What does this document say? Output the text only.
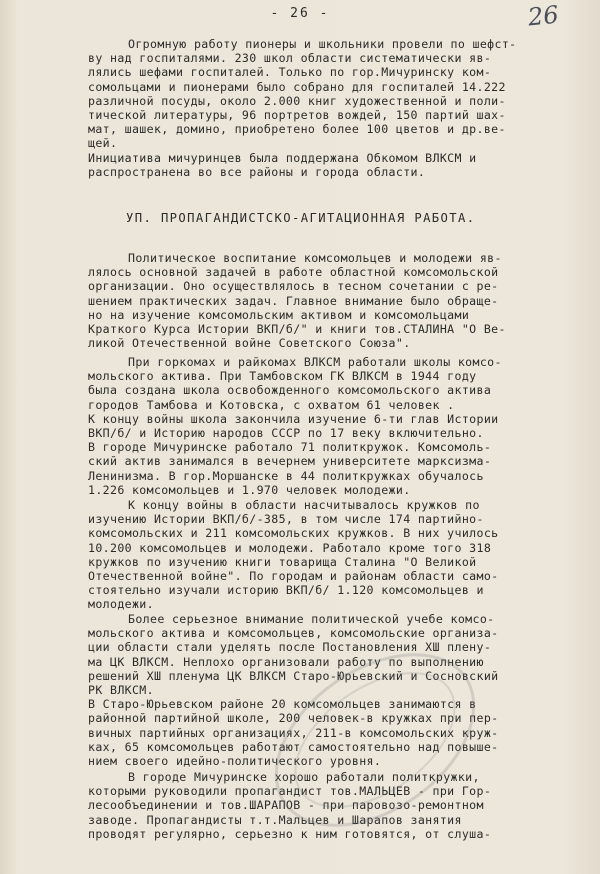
- 26 -	26
Огромную работу пионеры и школьники провели по шефст-
ву над госпиталями. 230 школ области систематически яв-
лялись шефами госпиталей. Только по гор.Мичуринску ком-
сомольцами и пионерами было собрано для госпиталей 14.222
различной посуды, около 2.000 книг художественной и поли-
тической литературы, 96 портретов вождей, 150 партий шах-
мат, шашек, домино, приобретено более 100 цветов и др.ве-
щей.
Инициатива мичуринцев была поддержана Обкомом ВЛКСМ и
распространена во все районы и города области.
Политическое воспитание комсомольцев и молодежи яв-
лялось основной задачей в работе областной комсомольской
организации. Оно осуществлялось в тесном сочетании с ре-
шением практических задач. Главное внимание было обраще-
но на изучение комсомольским активом и комсомольцами
Краткого Курса Истории ВКП/б/" и книги тов.СТАЛИНА "О Ве-
ликой Отечественной войне Советского Союза".
При горкомах и райкомах ВЛКСМ работали школы комсо-
мольского актива. При Тамбовском ГК ВЛКСМ в 1944 году
была создана школа освобожденного комсомольского актива
городов Тамбова и Котовска, с охватом 61 человек .
К концу войны школа закончила изучение 6-ти глав Истории
ВКП/б/ и Историю народов СССР по 17 веку включительно.
В городе Мичуринске работало 71 политкружок. Комсомоль-
ский актив занимался в вечернем университете марксизма-
Ленинизма. В гор.Моршанске в 44 политкружках обучалось
1.226 комсомольцев и 1.970 человек молодежи.
К концу войны в области насчитывалось кружков по
изучению Истории ВКП/б/-385, в том числе 174 партийно-
комсомольских и 211 комсомольских кружков. В них училось
10.200 комсомольцев и молодежи. Работало кроме того 318
кружков по изучению книги товарища Сталина "О Великой
Отечественной войне". По городам и районам области само-
стоятельно изучали историю ВКП/б/ 1.120 комсомольцев и
молодежи.
Более серьезное внимание политической учебе комсо-
мольского актива и комсомольцев, комсомольские организа-
ции области стали уделять после Постановления XШ плену-
ма ЦК ВЛКСМ. Неплохо организовали работу по выполнению
решений XШ пленума ЦК ВЛКСМ Старо-Юрьевский и Сосновский
РК ВЛКСМ.
В Старо-Юрьевском районе 20 комсомольцев занимаются в
районной партийной школе, 200 человек-в кружках при пер-
вичных партийных организациях, 211-в комсомольских круж-
ках, 65 комсомольцев работают самостоятельно над повыше-
нием своего идейно-политического уровня.
В городе Мичуринске хорошо работали политкружки,
которыми руководили пропагандист тов.МАЛЬЦЕВ - при Гор-
лесообъединении и тов.ШАРАПОВ - при паровозо-ремонтном
заводе. Пропагандисты т.т.Мальцев и Шарапов занятия
проводят регулярно, серьезно к ним готовятся, от слуша-
УП. ПРОПАГАНДИСТСКО-АГИТАЦИОННАЯ РАБОТА.
